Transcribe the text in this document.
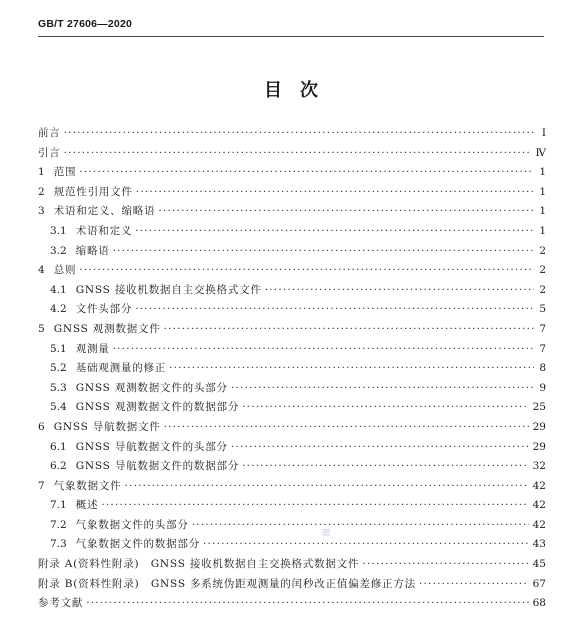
GB/T 27606—2020
目　次
前言 ·····	Ⅰ
引言 ·····	Ⅳ
1 范围 ·····	1
2 规范性引用文件 ·····	1
3 术语和定义、缩略语 ·····	1
3.1 术语和定义 ·····	1
3.2 缩略语 ·····	2
4 总则 ·····	2
4.1 GNSS 接收机数据自主交换格式文件 ·····	2
4.2 文件头部分 ·····	5
5 GNSS 观测数据文件 ·····	7
5.1 观测量 ·····	7
5.2 基础观测量的修正 ·····	8
5.3 GNSS 观测数据文件的头部分 ·····	9
5.4 GNSS 观测数据文件的数据部分 ·····	25
6 GNSS 导航数据文件 ·····	29
6.1 GNSS 导航数据文件的头部分 ·····	29
6.2 GNSS 导航数据文件的数据部分 ·····	32
7 气象数据文件 ·····	42
7.1 概述 ·····	42
7.2 气象数据文件的头部分 ·····	42
7.3 气象数据文件的数据部分 ·····	43
附录 A(资料性附录)　GNSS 接收机数据自主交换格式数据文件 ·····	45
附录 B(资料性附录)　GNSS 多系统伪距观测量的闰秒改正值偏差修正方法 ·····	67
参考文献 ·····	68
≡
